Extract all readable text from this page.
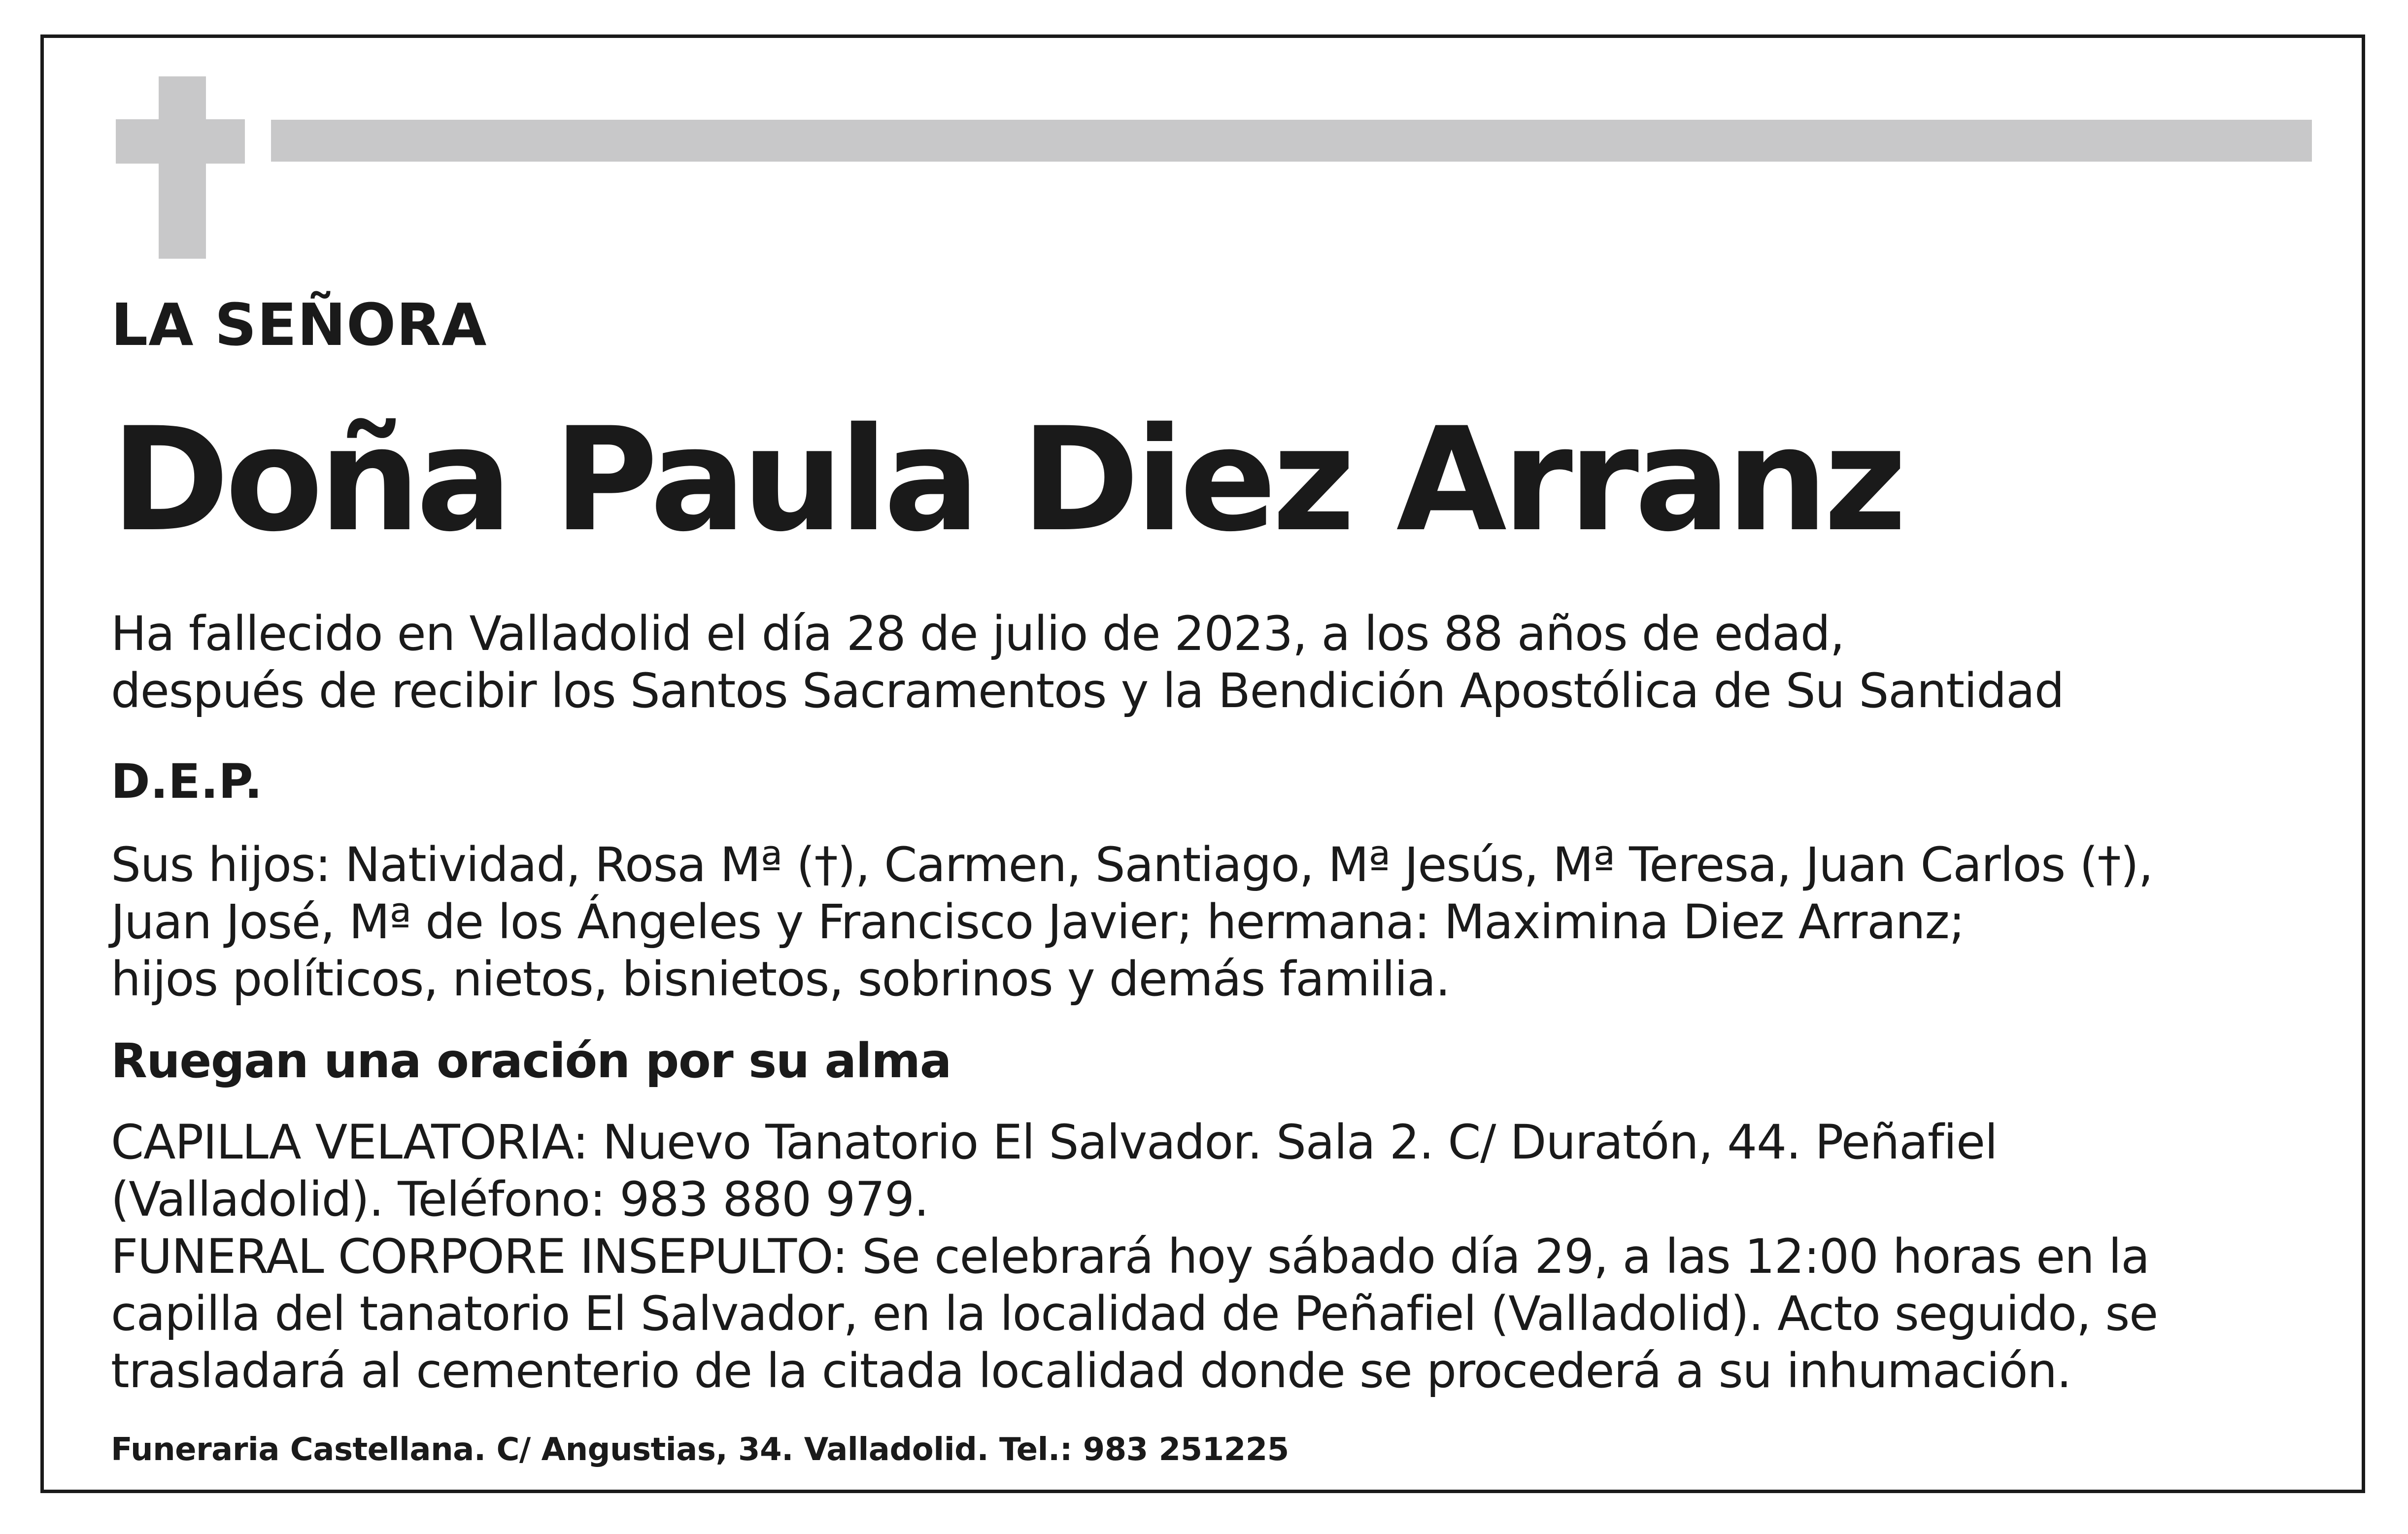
LA SEÑORA

Doña Paula Diez Arranz

Ha fallecido en Valladolid el día 28 de julio de 2023, a los 88 años de edad,
después de recibir los Santos Sacramentos y la Bendición Apostólica de Su Santidad

D.E.P.

Sus hijos: Natividad, Rosa Mª (†), Carmen, Santiago, Mª Jesús, Mª Teresa, Juan Carlos (†),
Juan José, Mª de los Ángeles y Francisco Javier; hermana: Maximina Diez Arranz;
hijos políticos, nietos, bisnietos, sobrinos y demás familia.

Ruegan una oración por su alma

CAPILLA VELATORIA: Nuevo Tanatorio El Salvador. Sala 2. C/ Duratón, 44. Peñafiel
(Valladolid). Teléfono: 983 880 979.
FUNERAL CORPORE INSEPULTO: Se celebrará hoy sábado día 29, a las 12:00 horas en la
capilla del tanatorio El Salvador, en la localidad de Peñafiel (Valladolid). Acto seguido, se
trasladará al cementerio de la citada localidad donde se procederá a su inhumación.

Funeraria Castellana. C/ Angustias, 34. Valladolid. Tel.: 983 251225
